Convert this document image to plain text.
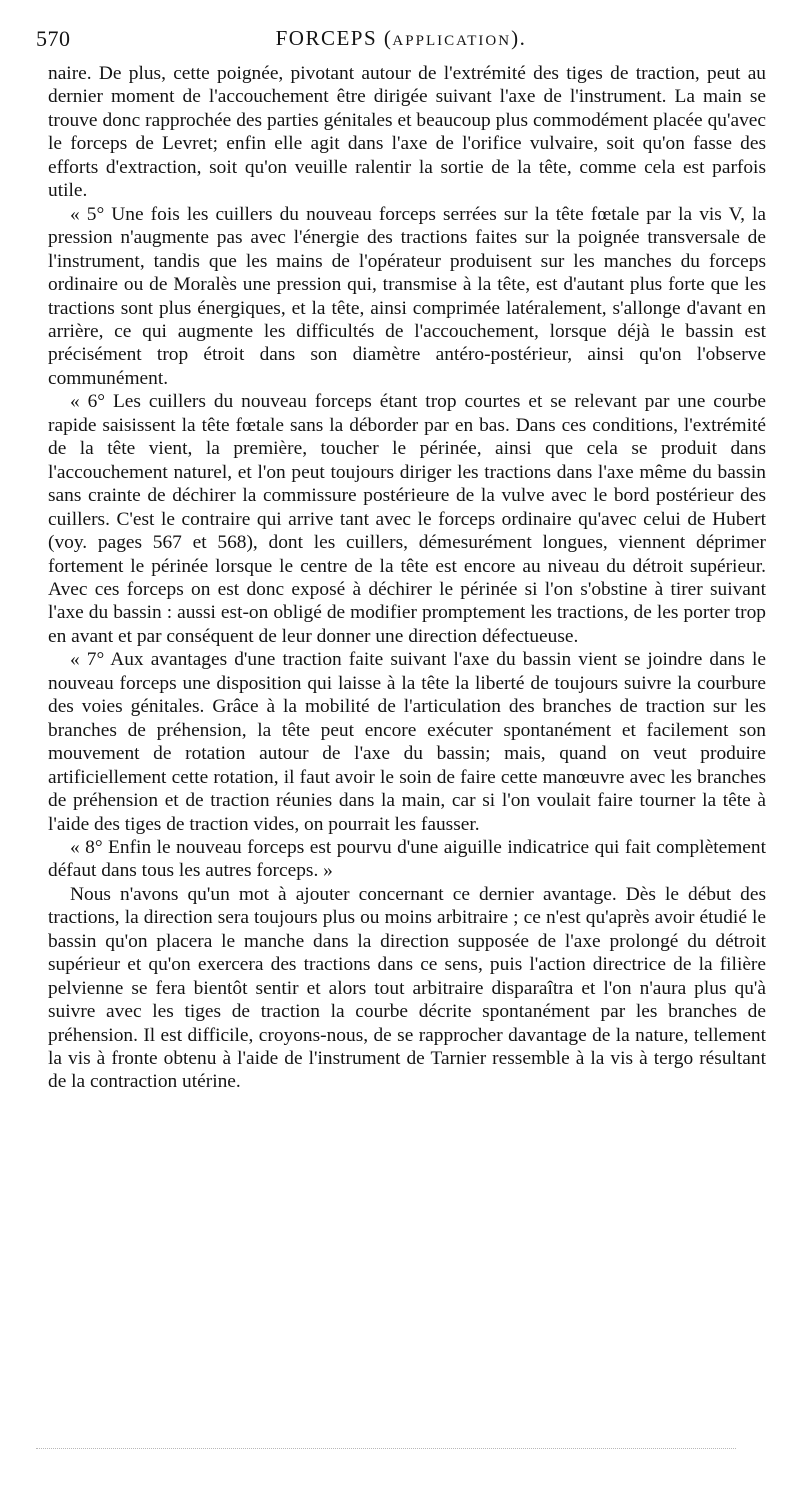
570	FORCEPS (APPLICATION).

naire. De plus, cette poignée, pivotant autour de l'extrémité des tiges de traction, peut au dernier moment de l'accouchement être dirigée suivant l'axe de l'instrument. La main se trouve donc rapprochée des parties génitales et beaucoup plus commodément placée qu'avec le forceps de Levret; enfin elle agit dans l'axe de l'orifice vulvaire, soit qu'on fasse des efforts d'extraction, soit qu'on veuille ralentir la sortie de la tête, comme cela est parfois utile.

« 5° Une fois les cuillers du nouveau forceps serrées sur la tête fœtale par la vis V, la pression n'augmente pas avec l'énergie des tractions faites sur la poignée transversale de l'instrument, tandis que les mains de l'opérateur produisent sur les manches du forceps ordinaire ou de Moralès une pression qui, transmise à la tête, est d'autant plus forte que les tractions sont plus énergiques, et la tête, ainsi comprimée latéralement, s'allonge d'avant en arrière, ce qui augmente les difficultés de l'accouchement, lorsque déjà le bassin est précisément trop étroit dans son diamètre antéro-postérieur, ainsi qu'on l'observe communément.

« 6° Les cuillers du nouveau forceps étant trop courtes et se relevant par une courbe rapide saisissent la tête fœtale sans la déborder par en bas. Dans ces conditions, l'extrémité de la tête vient, la première, toucher le périnée, ainsi que cela se produit dans l'accouchement naturel, et l'on peut toujours diriger les tractions dans l'axe même du bassin sans crainte de déchirer la commissure postérieure de la vulve avec le bord postérieur des cuillers. C'est le contraire qui arrive tant avec le forceps ordinaire qu'avec celui de Hubert (voy. pages 567 et 568), dont les cuillers, démesurément longues, viennent déprimer fortement le périnée lorsque le centre de la tête est encore au niveau du détroit supérieur. Avec ces forceps on est donc exposé à déchirer le périnée si l'on s'obstine à tirer suivant l'axe du bassin : aussi est-on obligé de modifier promptement les tractions, de les porter trop en avant et par conséquent de leur donner une direction défectueuse.

« 7° Aux avantages d'une traction faite suivant l'axe du bassin vient se joindre dans le nouveau forceps une disposition qui laisse à la tête la liberté de toujours suivre la courbure des voies génitales. Grâce à la mobilité de l'articulation des branches de traction sur les branches de préhension, la tête peut encore exécuter spontanément et facilement son mouvement de rotation autour de l'axe du bassin; mais, quand on veut produire artificiellement cette rotation, il faut avoir le soin de faire cette manœuvre avec les branches de préhension et de traction réunies dans la main, car si l'on voulait faire tourner la tête à l'aide des tiges de traction vides, on pourrait les fausser.

« 8° Enfin le nouveau forceps est pourvu d'une aiguille indicatrice qui fait complètement défaut dans tous les autres forceps. »

Nous n'avons qu'un mot à ajouter concernant ce dernier avantage. Dès le début des tractions, la direction sera toujours plus ou moins arbitraire ; ce n'est qu'après avoir étudié le bassin qu'on placera le manche dans la direction supposée de l'axe prolongé du détroit supérieur et qu'on exercera des tractions dans ce sens, puis l'action directrice de la filière pelvienne se fera bientôt sentir et alors tout arbitraire disparaîtra et l'on n'aura plus qu'à suivre avec les tiges de traction la courbe décrite spontanément par les branches de préhension. Il est difficile, croyons-nous, de se rapprocher davantage de la nature, tellement la vis à fronte obtenu à l'aide de l'instrument de Tarnier ressemble à la vis à tergo résultant de la contraction utérine.
